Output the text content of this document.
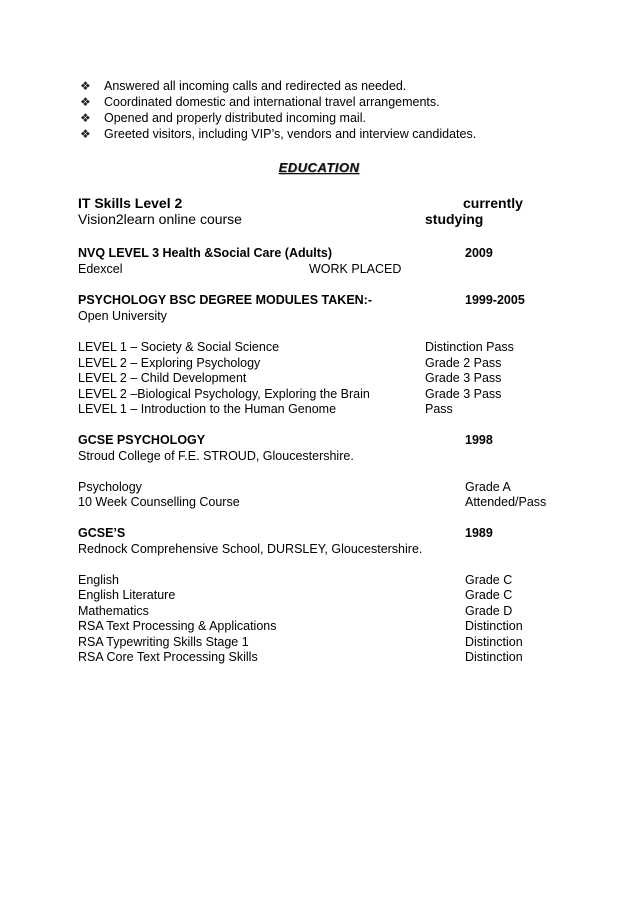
❖ Answered all incoming calls and redirected as needed.
❖ Coordinated domestic and international travel arrangements.
❖ Opened and properly distributed incoming mail.
❖ Greeted visitors, including VIP’s, vendors and interview candidates.
EDUCATION
IT Skills Level 2	currently
Vision2learn online course	studying
NVQ LEVEL 3 Health &Social Care (Adults)	2009
Edexcel	WORK PLACED
PSYCHOLOGY BSC DEGREE MODULES TAKEN:-	1999-2005
Open University
LEVEL 1 – Society & Social Science	Distinction Pass
LEVEL 2 – Exploring Psychology	Grade 2 Pass
LEVEL 2 – Child Development	Grade 3 Pass
LEVEL 2 –Biological Psychology, Exploring the Brain	Grade 3 Pass
LEVEL 1 – Introduction to the Human Genome	Pass
GCSE PSYCHOLOGY	1998
Stroud College of F.E. STROUD, Gloucestershire.
Psychology	Grade A
10 Week Counselling Course	Attended/Pass
GCSE’S	1989
Rednock Comprehensive School, DURSLEY, Gloucestershire.
English	Grade C
English Literature	Grade C
Mathematics	Grade D
RSA Text Processing & Applications	Distinction
RSA Typewriting Skills Stage 1	Distinction
RSA Core Text Processing Skills	Distinction
